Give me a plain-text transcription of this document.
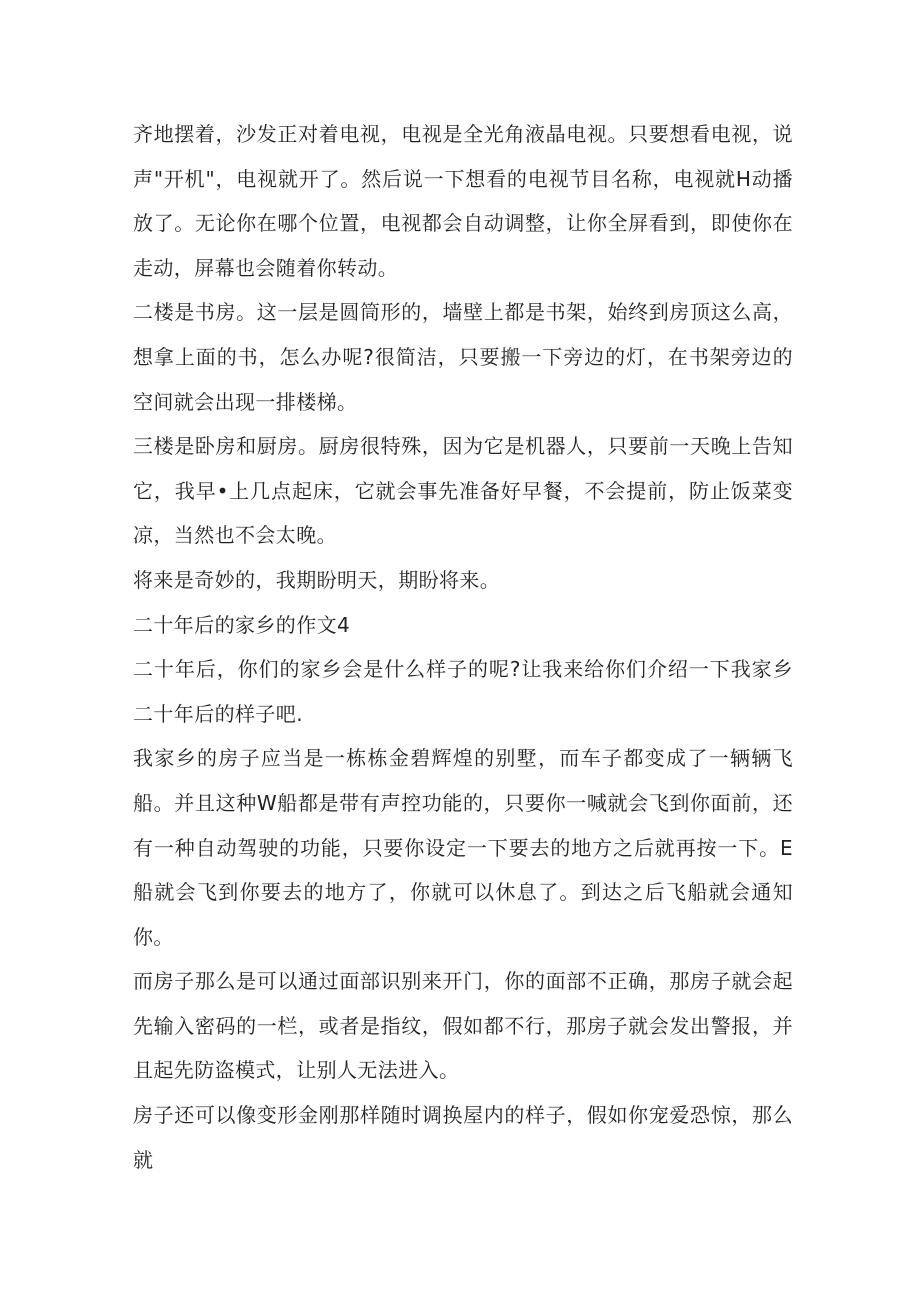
齐地摆着，沙发正对着电视，电视是全光角液晶电视。只要想看电视，说声"开机"，电视就开了。然后说一下想看的电视节目名称，电视就H动播放了。无论你在哪个位置，电视都会自动调整，让你全屏看到，即使你在走动，屏幕也会随着你转动。

二楼是书房。这一层是圆筒形的，墙壁上都是书架，始终到房顶这么高，想拿上面的书，怎么办呢?很简洁，只要搬一下旁边的灯，在书架旁边的空间就会出现一排楼梯。

三楼是卧房和厨房。厨房很特殊，因为它是机器人，只要前一天晚上告知它，我早•上几点起床，它就会事先准备好早餐，不会提前，防止饭菜变凉，当然也不会太晚。

将来是奇妙的，我期盼明天，期盼将来。

二十年后的家乡的作文4

二十年后，你们的家乡会是什么样子的呢?让我来给你们介绍一下我家乡二十年后的样子吧.

我家乡的房子应当是一栋栋金碧辉煌的别墅，而车子都变成了一辆辆飞船。并且这种W船都是带有声控功能的，只要你一喊就会飞到你面前，还有一种自动驾驶的功能，只要你设定一下要去的地方之后就再按一下。E船就会飞到你要去的地方了，你就可以休息了。到达之后飞船就会通知你。

而房子那么是可以通过面部识别来开门，你的面部不正确，那房子就会起先输入密码的一栏，或者是指纹，假如都不行，那房子就会发出警报，并且起先防盗模式，让别人无法进入。

房子还可以像变形金刚那样随时调换屋内的样子，假如你宠爱恐惊，那么就
